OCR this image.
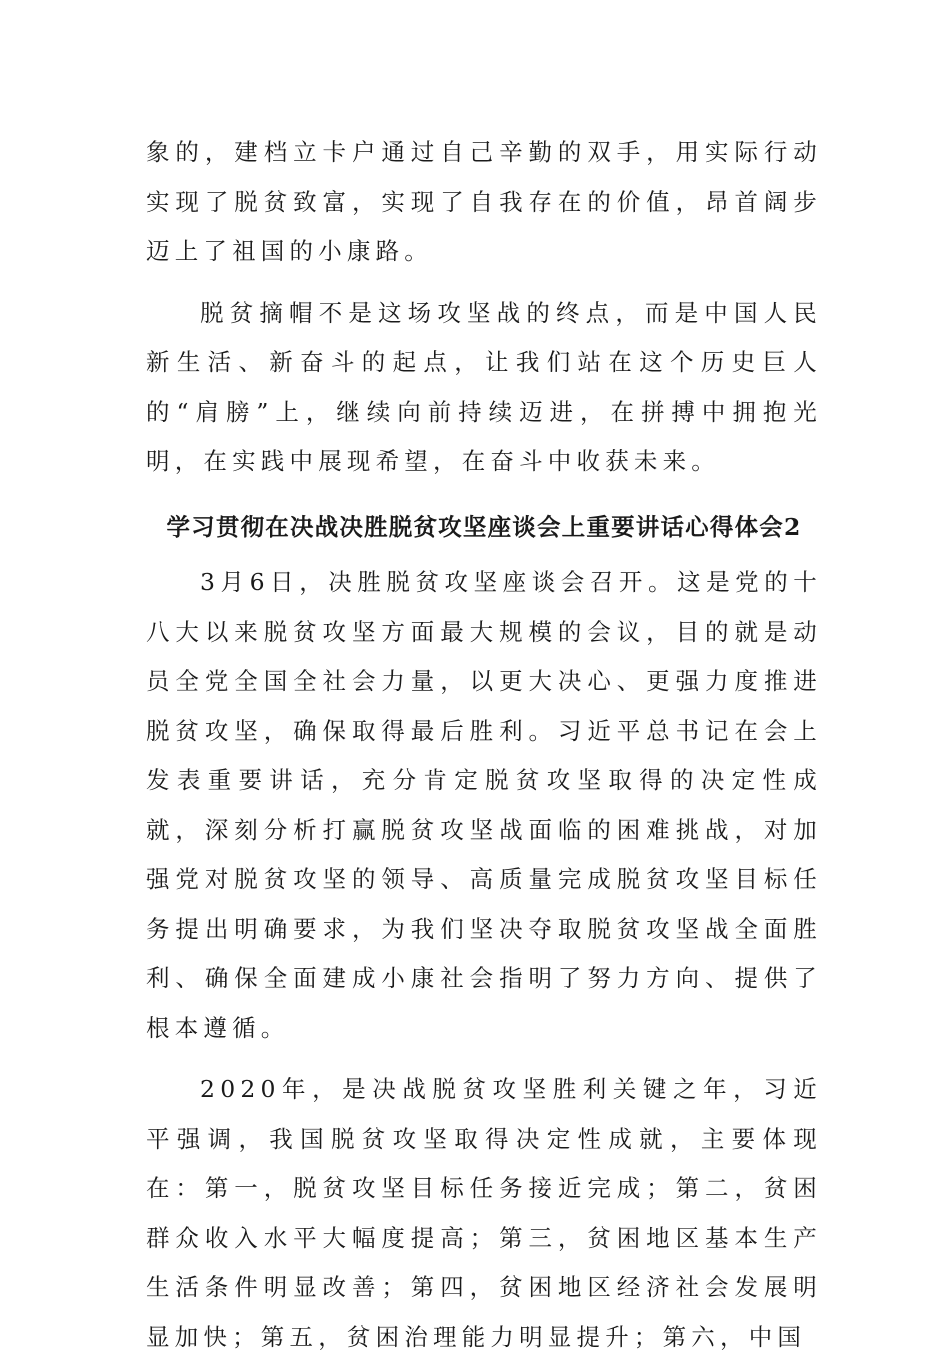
象的，建档立卡户通过自己辛勤的双手，用实际行动实现了脱贫致富，实现了自我存在的价值，昂首阔步迈上了祖国的小康路。

脱贫摘帽不是这场攻坚战的终点，而是中国人民新生活、新奋斗的起点，让我们站在这个历史巨人的“肩膀”上，继续向前持续迈进，在拼搏中拥抱光明，在实践中展现希望，在奋斗中收获未来。

学习贯彻在决战决胜脱贫攻坚座谈会上重要讲话心得体会2

3月6日，决胜脱贫攻坚座谈会召开。这是党的十八大以来脱贫攻坚方面最大规模的会议，目的就是动员全党全国全社会力量，以更大决心、更强力度推进脱贫攻坚，确保取得最后胜利。习近平总书记在会上发表重要讲话，充分肯定脱贫攻坚取得的决定性成就，深刻分析打赢脱贫攻坚战面临的困难挑战，对加强党对脱贫攻坚的领导、高质量完成脱贫攻坚目标任务提出明确要求，为我们坚决夺取脱贫攻坚战全面胜利、确保全面建成小康社会指明了努力方向、提供了根本遵循。

2020年，是决战脱贫攻坚胜利关键之年，习近平强调，我国脱贫攻坚取得决定性成就，主要体现在：第一，脱贫攻坚目标任务接近完成；第二，贫困群众收入水平大幅度提高；第三，贫困地区基本生产生活条件明显改善；第四，贫困地区经济社会发展明显加快；第五，贫困治理能力明显提升；第六，中国
